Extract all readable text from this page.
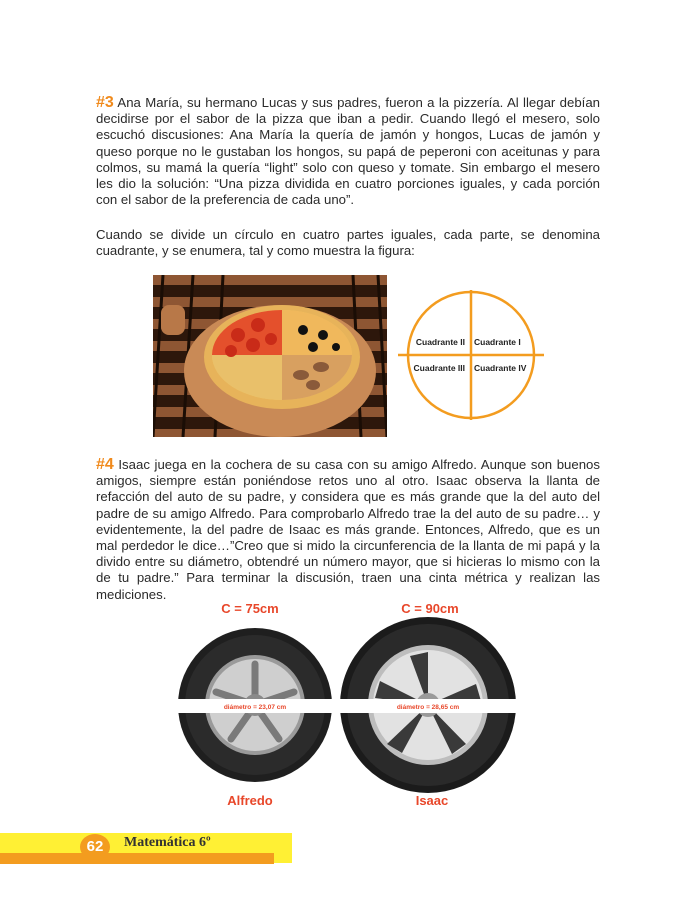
#3 Ana María, su hermano Lucas y sus padres, fueron a la pizzería. Al llegar debían decidirse por el sabor de la pizza que iban a pedir. Cuando llegó el mesero, solo escuchó discusiones: Ana María la quería de jamón y hongos, Lucas de jamón y queso porque no le gustaban los hongos, su papá de peperoni con aceitunas y para colmos, su mamá la quería “light” solo con queso y tomate. Sin embargo el mesero les dio la solución: “Una pizza dividida en cuatro porciones iguales, y cada porción con el sabor de la preferencia de cada uno”.

Cuando se divide un círculo en cuatro partes iguales, cada parte, se denomina cuadrante, y se enumera, tal y como muestra la figura:

Cuadrante II Cuadrante I
Cuadrante III Cuadrante IV

#4 Isaac juega en la cochera de su casa con su amigo Alfredo. Aunque son buenos amigos, siempre están poniéndose retos uno al otro. Isaac observa la llanta de refacción del auto de su padre, y considera que es más grande que la del auto del padre de su amigo Alfredo. Para comprobarlo Alfredo trae la del auto de su padre… y evidentemente, la del padre de Isaac es más grande. Entonces, Alfredo, que es un mal perdedor le dice…”Creo que si mido la circunferencia de la llanta de mi papá y la divido entre su diámetro, obtendré un número mayor, que si hicieras lo mismo con la de tu padre.” Para terminar la discusión, traen una cinta métrica y realizan las mediciones.

C = 75cm	C = 90cm
diámetro = 23,07 cm	diámetro = 28,65 cm
Alfredo	Isaac
62	Matemática 6º
